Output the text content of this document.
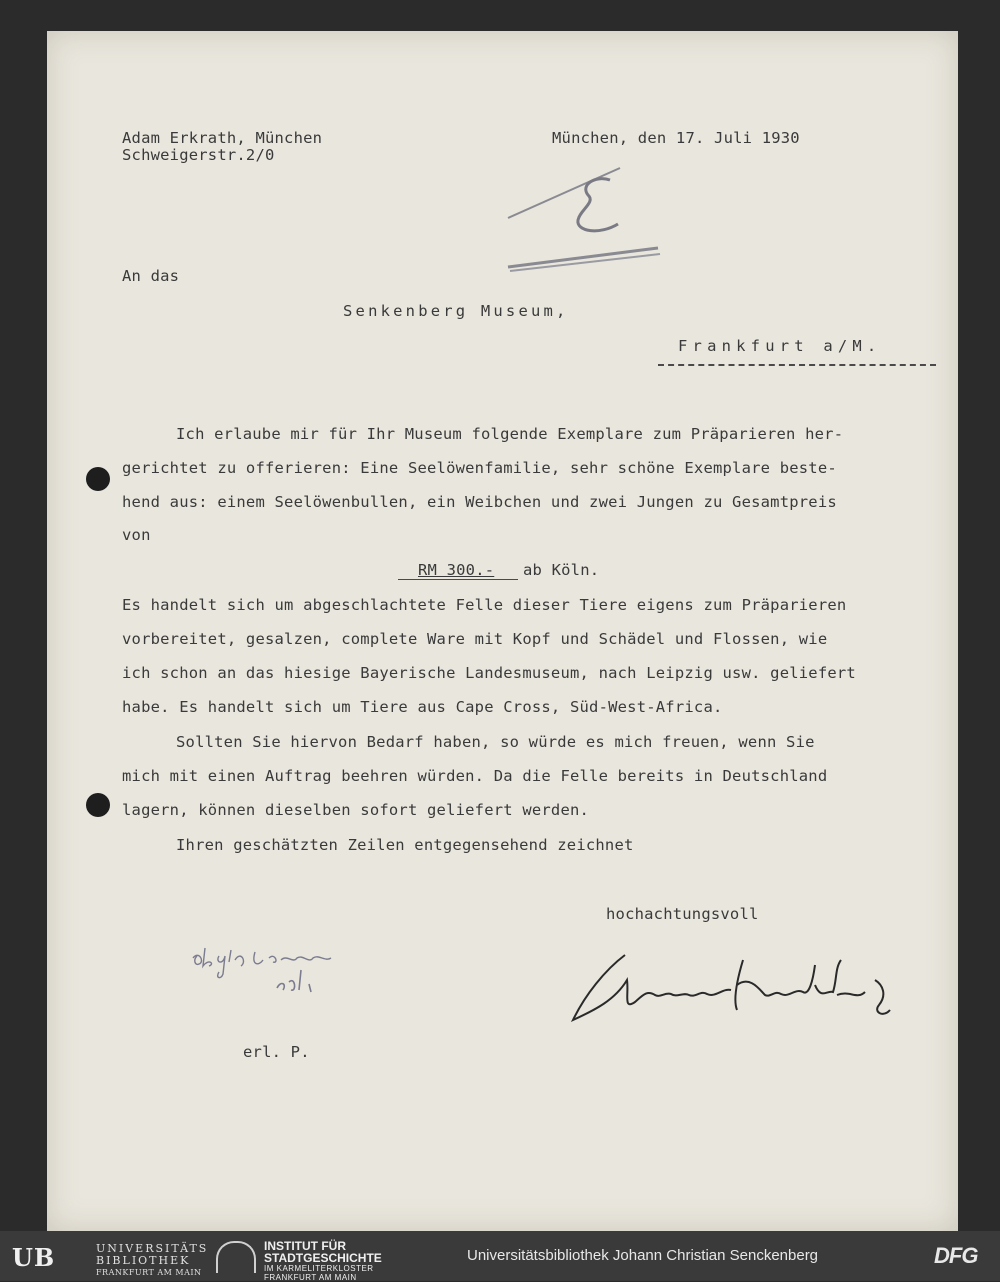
Adam Erkrath, München
Schweigerstr.2/0
München, den 17. Juli 1930
An das
Senkenberg Museum,
Frankfurt a/M.
Ich erlaube mir für Ihr Museum folgende Exemplare zum Präparieren her-
gerichtet zu offerieren: Eine Seelöwenfamilie, sehr schöne Exemplare beste-
hend aus: einem Seelöwenbullen, ein Weibchen und zwei Jungen zu Gesamtpreis
von
RM 300.- ab Köln.
Es handelt sich um abgeschlachtete Felle dieser Tiere eigens zum Präparieren
vorbereitet, gesalzen, complete Ware mit Kopf und Schädel und Flossen, wie
ich schon an das hiesige Bayerische Landesmuseum, nach Leipzig usw. geliefert
habe. Es handelt sich um Tiere aus Cape Cross, Süd-West-Africa.
Sollten Sie hiervon Bedarf haben, so würde es mich freuen, wenn Sie
mich mit einen Auftrag beehren würden. Da die Felle bereits in Deutschland
lagern, können dieselben sofort geliefert werden.
Ihren geschätzten Zeilen entgegensehend zeichnet
hochachtungsvoll
erl. P.
UB	UNIVERSITÄTS
BIBLIOTHEK
FRANKFURT AM MAIN
INSTITUT FÜR
STADTGESCHICHTE
IM KARMELITERKLOSTER
FRANKFURT AM MAIN
Universitätsbibliothek Johann Christian Senckenberg	DFG
